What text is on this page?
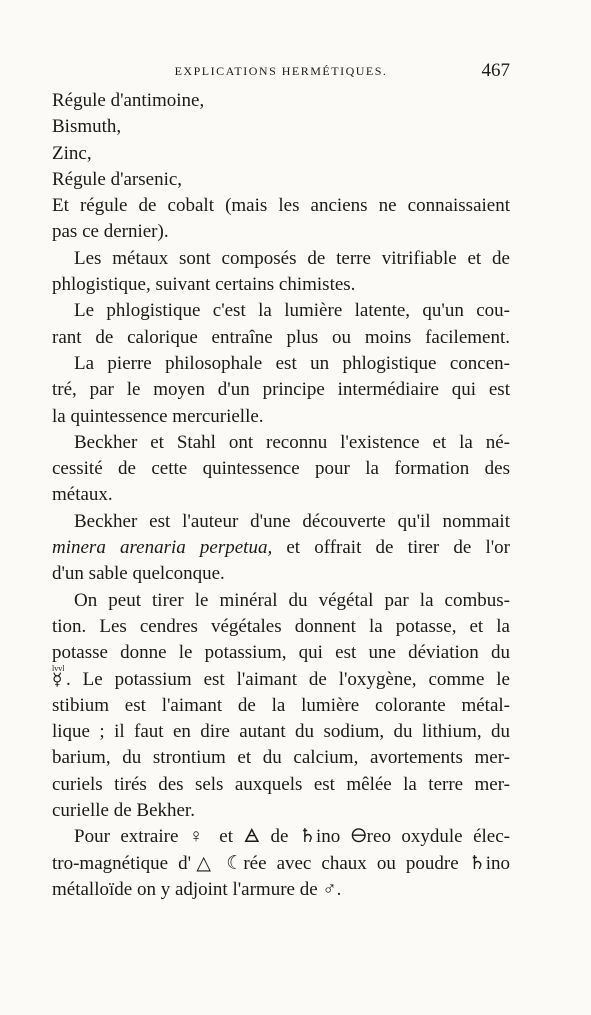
EXPLICATIONS HERMÉTIQUES.	467
Régule d'antimoine,
Bismuth,
Zinc,
Régule d'arsenic,
Et régule de cobalt (mais les anciens ne connaissaient
pas ce dernier).
Les métaux sont composés de terre vitrifiable et de
phlogistique, suivant certains chimistes.
Le phlogistique c'est la lumière latente, qu'un cou-
rant de calorique entraîne plus ou moins facilement.
La pierre philosophale est un phlogistique concen-
tré, par le moyen d'un principe intermédiaire qui est
la quintessence mercurielle.
Beckher et Stahl ont reconnu l'existence et la né-
cessité de cette quintessence pour la formation des
métaux.
Beckher est l'auteur d'une découverte qu'il nommait
minera arenaria perpetua, et offrait de tirer de l'or
d'un sable quelconque.
On peut tirer le minéral du végétal par la combus-
tion. Les cendres végétales donnent la potasse, et la
potasse donne le potassium, qui est une déviation du
☿
lvvl
. Le potassium est l'aimant de l'oxygène, comme le
stibium est l'aimant de la lumière colorante métal-
lique ; il faut en dire autant du sodium, du lithium, du
barium, du strontium et du calcium, avortements mer-
curiels tirés des sels auxquels est mêlée la terre mer-
curielle de Bekher.
Pour extraire ♀ et 🜁 de ♄ino 🜔reo oxydule élec-
tro-magnétique d'△ ☾rée avec chaux ou poudre ♄ino
métalloïde on y adjoint l'armure de ♂.
